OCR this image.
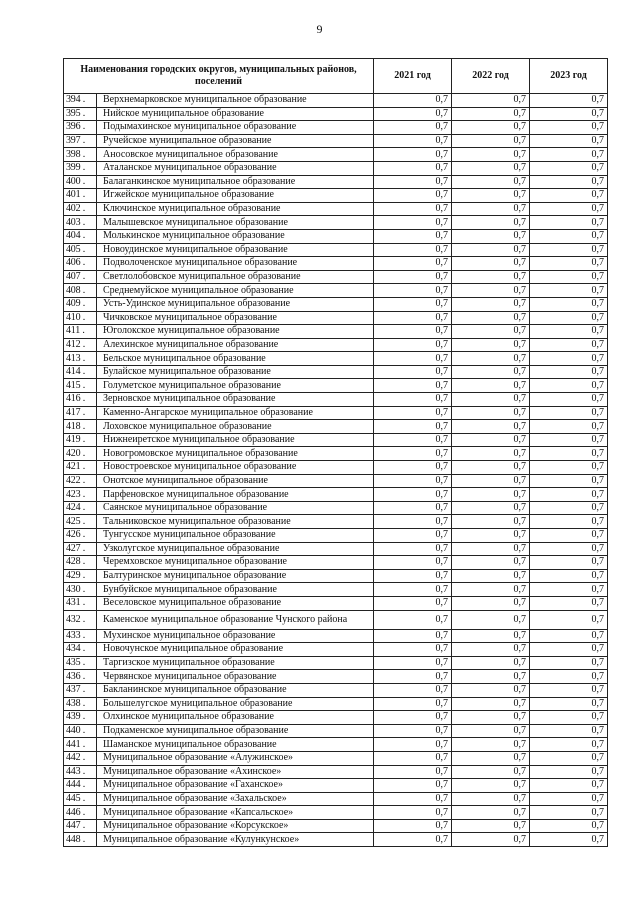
9
Наименования городских округов, муниципальных районов, поселений		2021 год	2022 год	2023 год
394 .	Верхнемарковское муниципальное образование	0,7	0,7	0,7
395 .	Нийское муниципальное образование	0,7	0,7	0,7
396 .	Подымахинское муниципальное образование	0,7	0,7	0,7
397 .	Ручейское муниципальное образование	0,7	0,7	0,7
398 .	Аносовское муниципальное образование	0,7	0,7	0,7
399 .	Аталанское муниципальное образование	0,7	0,7	0,7
400 .	Балаганкинское муниципальное образование	0,7	0,7	0,7
401 .	Игжейское муниципальное образование	0,7	0,7	0,7
402 .	Ключинское муниципальное образование	0,7	0,7	0,7
403 .	Малышевское муниципальное образование	0,7	0,7	0,7
404 .	Молькинское муниципальное образование	0,7	0,7	0,7
405 .	Новоудинское муниципальное образование	0,7	0,7	0,7
406 .	Подволоченское муниципальное образование	0,7	0,7	0,7
407 .	Светлолобовское муниципальное образование	0,7	0,7	0,7
408 .	Среднемуйское муниципальное образование	0,7	0,7	0,7
409 .	Усть-Удинское муниципальное образование	0,7	0,7	0,7
410 .	Чичковское муниципальное образование	0,7	0,7	0,7
411 .	Юголокское муниципальное образование	0,7	0,7	0,7
412 .	Алехинское муниципальное образование	0,7	0,7	0,7
413 .	Бельское муниципальное образование	0,7	0,7	0,7
414 .	Булайское муниципальное образование	0,7	0,7	0,7
415 .	Голуметское муниципальное образование	0,7	0,7	0,7
416 .	Зерновское муниципальное образование	0,7	0,7	0,7
417 .	Каменно-Ангарское муниципальное образование	0,7	0,7	0,7
418 .	Лоховское муниципальное образование	0,7	0,7	0,7
419 .	Нижнеиретское муниципальное образование	0,7	0,7	0,7
420 .	Новогромовское муниципальное образование	0,7	0,7	0,7
421 .	Новостроевское муниципальное образование	0,7	0,7	0,7
422 .	Онотское муниципальное образование	0,7	0,7	0,7
423 .	Парфеновское муниципальное образование	0,7	0,7	0,7
424 .	Саянское муниципальное образование	0,7	0,7	0,7
425 .	Тальниковское муниципальное образование	0,7	0,7	0,7
426 .	Тунгусское муниципальное образование	0,7	0,7	0,7
427 .	Узколугское муниципальное образование	0,7	0,7	0,7
428 .	Черемховское муниципальное образование	0,7	0,7	0,7
429 .	Балтуринское муниципальное образование	0,7	0,7	0,7
430 .	Бунбуйское муниципальное образование	0,7	0,7	0,7
431 .	Веселовское муниципальное образование	0,7	0,7	0,7
432 .	Каменское муниципальное образование Чунского района	0,7	0,7	0,7
433 .	Мухинское муниципальное образование	0,7	0,7	0,7
434 .	Новочунское муниципальное образование	0,7	0,7	0,7
435 .	Таргизское муниципальное образование	0,7	0,7	0,7
436 .	Червянское муниципальное образование	0,7	0,7	0,7
437 .	Бакланинское муниципальное образование	0,7	0,7	0,7
438 .	Большелугское муниципальное образование	0,7	0,7	0,7
439 .	Олхинское муниципальное образование	0,7	0,7	0,7
440 .	Подкаменское муниципальное образование	0,7	0,7	0,7
441 .	Шаманское муниципальное образование	0,7	0,7	0,7
442 .	Муниципальное образование «Алужинское»	0,7	0,7	0,7
443 .	Муниципальное образование «Ахинское»	0,7	0,7	0,7
444 .	Муниципальное образование «Гаханское»	0,7	0,7	0,7
445 .	Муниципальное образование «Захальское»	0,7	0,7	0,7
446 .	Муниципальное образование «Капсальское»	0,7	0,7	0,7
447 .	Муниципальное образование «Корсукское»	0,7	0,7	0,7
448 .	Муниципальное образование «Кулункунское»	0,7	0,7	0,7
